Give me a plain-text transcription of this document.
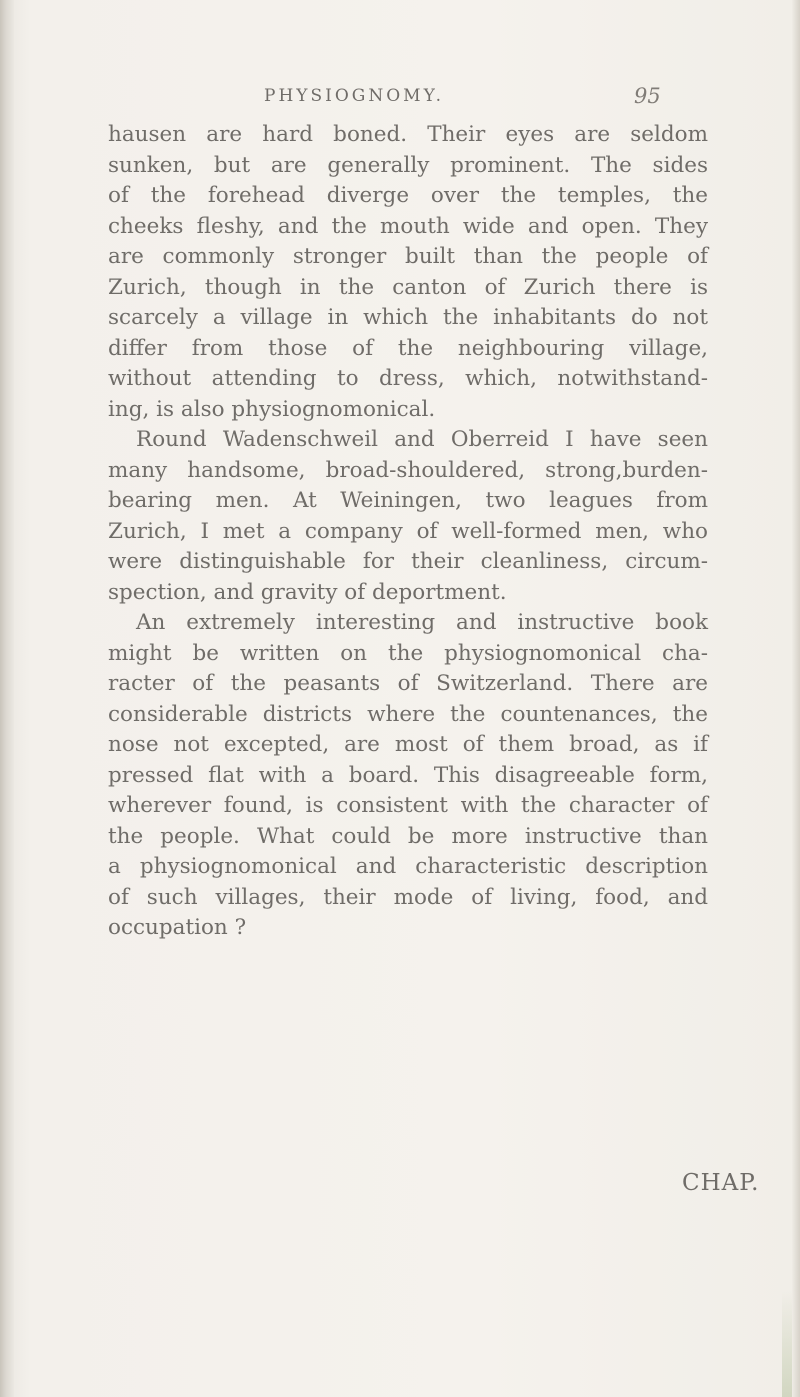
PHYSIOGNOMY.	95
hausen are hard boned. Their eyes are seldom
sunken, but are generally prominent. The sides
of the forehead diverge over the temples, the
cheeks fleshy, and the mouth wide and open. They
are commonly stronger built than the people of
Zurich, though in the canton of Zurich there is
scarcely a village in which the inhabitants do not
differ from those of the neighbouring village,
without attending to dress, which, notwithstand-
ing, is also physiognomonical.
Round Wadenschweil and Oberreid I have seen
many handsome, broad-shouldered, strong,burden-
bearing men. At Weiningen, two leagues from
Zurich, I met a company of well-formed men, who
were distinguishable for their cleanliness, circum-
spection, and gravity of deportment.
An extremely interesting and instructive book
might be written on the physiognomonical cha-
racter of the peasants of Switzerland. There are
considerable districts where the countenances, the
nose not excepted, are most of them broad, as if
pressed flat with a board. This disagreeable form,
wherever found, is consistent with the character of
the people. What could be more instructive than
a physiognomonical and characteristic description
of such villages, their mode of living, food, and
occupation ?
CHAP.
